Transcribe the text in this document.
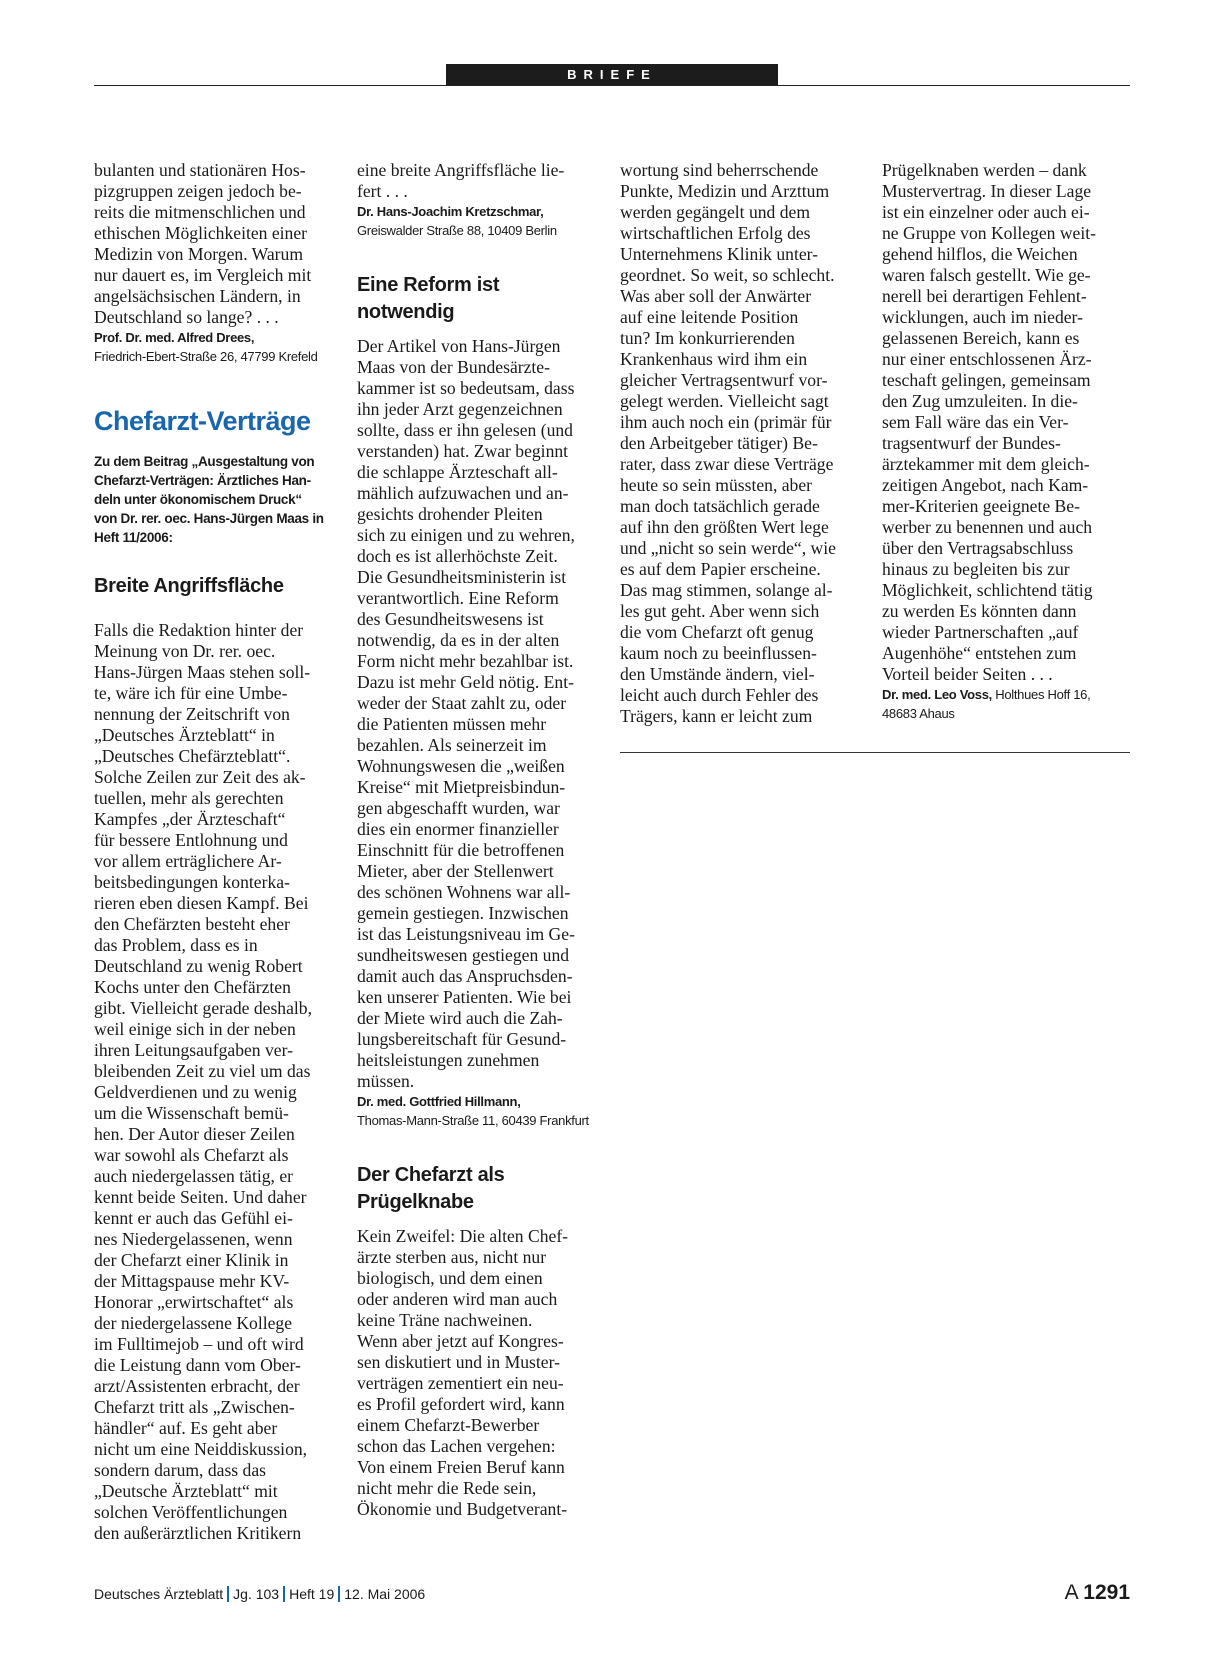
BRIEFE

bulanten und stationären Hos-

pizgruppen zeigen jedoch be-

reits die mitmenschlichen und

ethischen Möglichkeiten einer

Medizin von Morgen. Warum

nur dauert es, im Vergleich mit

angelsächsischen Ländern, in

Deutschland so lange? . . .

Prof. Dr. med. Alfred Drees,
Friedrich-Ebert-Straße 26, 47799 Krefeld
Chefarzt-Verträge
Zu dem Beitrag „Ausgestaltung von
Chefarzt-Verträgen: Ärztliches Han-
deln unter ökonomischem Druck“
von Dr. rer. oec. Hans-Jürgen Maas in
Heft 11/2006:
Breite Angriffsfläche

Falls die Redaktion hinter der

Meinung von Dr. rer. oec.

Hans-Jürgen Maas stehen soll-

te, wäre ich für eine Umbe-

nennung der Zeitschrift von

„Deutsches Ärzteblatt“ in

„Deutsches Chefärzteblatt“.

Solche Zeilen zur Zeit des ak-

tuellen, mehr als gerechten

Kampfes „der Ärzteschaft“

für bessere Entlohnung und

vor allem erträglichere Ar-

beitsbedingungen konterka-

rieren eben diesen Kampf. Bei

den Chefärzten besteht eher

das Problem, dass es in

Deutschland zu wenig Robert

Kochs unter den Chefärzten

gibt. Vielleicht gerade deshalb,

weil einige sich in der neben

ihren Leitungsaufgaben ver-

bleibenden Zeit zu viel um das

Geldverdienen und zu wenig

um die Wissenschaft bemü-

hen. Der Autor dieser Zeilen

war sowohl als Chefarzt als

auch niedergelassen tätig, er

kennt beide Seiten. Und daher

kennt er auch das Gefühl ei-

nes Niedergelassenen, wenn

der Chefarzt einer Klinik in

der Mittagspause mehr KV-

Honorar „erwirtschaftet“ als

der niedergelassene Kollege

im Fulltimejob – und oft wird

die Leistung dann vom Ober-

arzt/Assistenten erbracht, der

Chefarzt tritt als „Zwischen-

händler“ auf. Es geht aber

nicht um eine Neiddiskussion,

sondern darum, dass das

„Deutsche Ärzteblatt“ mit

solchen Veröffentlichungen

den außerärztlichen Kritikern

eine breite Angriffsfläche lie-

fert . . .

Dr. Hans-Joachim Kretzschmar,
Greiswalder Straße 88, 10409 Berlin
Eine Reform ist
notwendig

Der Artikel von Hans-Jürgen

Maas von der Bundesärzte-

kammer ist so bedeutsam, dass

ihn jeder Arzt gegenzeichnen

sollte, dass er ihn gelesen (und

verstanden) hat. Zwar beginnt

die schlappe Ärzteschaft all-

mählich aufzuwachen und an-

gesichts drohender Pleiten

sich zu einigen und zu wehren,

doch es ist allerhöchste Zeit.

Die Gesundheitsministerin ist

verantwortlich. Eine Reform

des Gesundheitswesens ist

notwendig, da es in der alten

Form nicht mehr bezahlbar ist.

Dazu ist mehr Geld nötig. Ent-

weder der Staat zahlt zu, oder

die Patienten müssen mehr

bezahlen. Als seinerzeit im

Wohnungswesen die „weißen

Kreise“ mit Mietpreisbindun-

gen abgeschafft wurden, war

dies ein enormer finanzieller

Einschnitt für die betroffenen

Mieter, aber der Stellenwert

des schönen Wohnens war all-

gemein gestiegen. Inzwischen

ist das Leistungsniveau im Ge-

sundheitswesen gestiegen und

damit auch das Anspruchsden-

ken unserer Patienten. Wie bei

der Miete wird auch die Zah-

lungsbereitschaft für Gesund-

heitsleistungen zunehmen

müssen.

Dr. med. Gottfried Hillmann,
Thomas-Mann-Straße 11, 60439 Frankfurt
Der Chefarzt als
Prügelknabe

Kein Zweifel: Die alten Chef-

ärzte sterben aus, nicht nur

biologisch, und dem einen

oder anderen wird man auch

keine Träne nachweinen.

Wenn aber jetzt auf Kongres-

sen diskutiert und in Muster-

verträgen zementiert ein neu-

es Profil gefordert wird, kann

einem Chefarzt-Bewerber

schon das Lachen vergehen:

Von einem Freien Beruf kann

nicht mehr die Rede sein,

Ökonomie und Budgetverant-

wortung sind beherrschende

Punkte, Medizin und Arzttum

werden gegängelt und dem

wirtschaftlichen Erfolg des

Unternehmens Klinik unter-

geordnet. So weit, so schlecht.

Was aber soll der Anwärter

auf eine leitende Position

tun? Im konkurrierenden

Krankenhaus wird ihm ein

gleicher Vertragsentwurf vor-

gelegt werden. Vielleicht sagt

ihm auch noch ein (primär für

den Arbeitgeber tätiger) Be-

rater, dass zwar diese Verträge

heute so sein müssten, aber

man doch tatsächlich gerade

auf ihn den größten Wert lege

und „nicht so sein werde“, wie

es auf dem Papier erscheine.

Das mag stimmen, solange al-

les gut geht. Aber wenn sich

die vom Chefarzt oft genug

kaum noch zu beeinflussen-

den Umstände ändern, viel-

leicht auch durch Fehler des

Trägers, kann er leicht zum

Prügelknaben werden – dank

Mustervertrag. In dieser Lage

ist ein einzelner oder auch ei-

ne Gruppe von Kollegen weit-

gehend hilflos, die Weichen

waren falsch gestellt. Wie ge-

nerell bei derartigen Fehlent-

wicklungen, auch im nieder-

gelassenen Bereich, kann es

nur einer entschlossenen Ärz-

teschaft gelingen, gemeinsam

den Zug umzuleiten. In die-

sem Fall wäre das ein Ver-

tragsentwurf der Bundes-

ärztekammer mit dem gleich-

zeitigen Angebot, nach Kam-

mer-Kriterien geeignete Be-

werber zu benennen und auch

über den Vertragsabschluss

hinaus zu begleiten bis zur

Möglichkeit, schlichtend tätig

zu werden Es könnten dann

wieder Partnerschaften „auf

Augenhöhe“ entstehen zum

Vorteil beider Seiten . . .

Dr. med. Leo Voss, Holthues Hoff 16,
48683 Ahaus
Deutsches Ärzteblatt Jg. 103 Heft 19 12. Mai 2006	A 1291
